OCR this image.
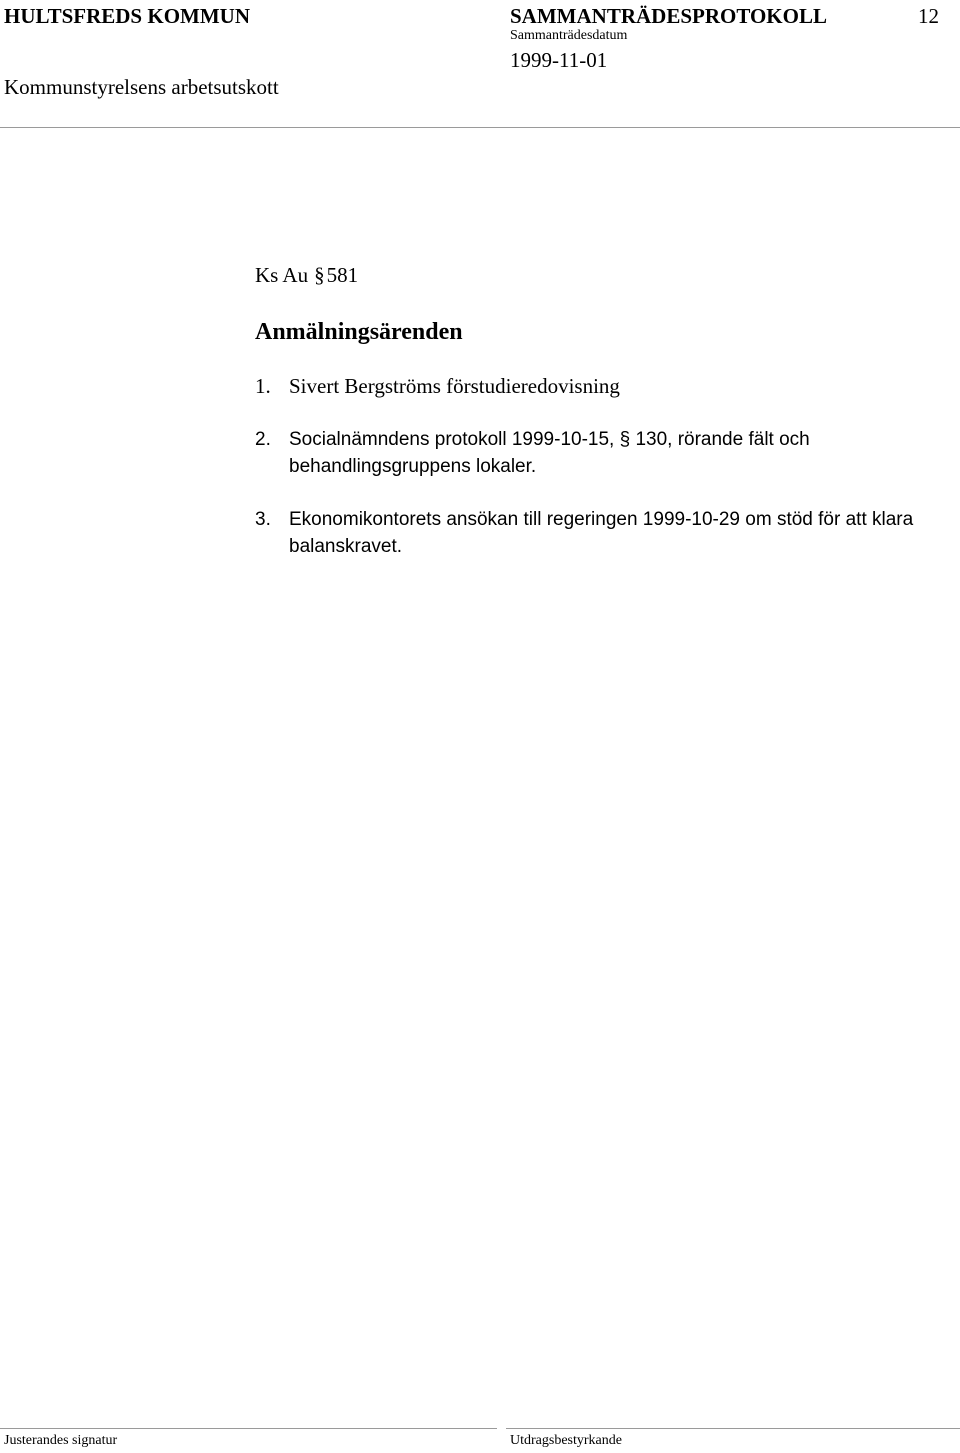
HULTSFREDS KOMMUN
Kommunstyrelsens arbetsutskott
SAMMANTRÄDESPROTOKOLL	12
Sammanträdesdatum
1999-11-01
Ks Au §581
Anmälningsärenden
1. Sivert Bergströms förstudieredovisning
2. Socialnämndens protokoll 1999-10-15, § 130, rörande fält och behandlingsgruppens lokaler.
3. Ekonomikontorets ansökan till regeringen 1999-10-29 om stöd för att klara balanskravet.
Justerandes signatur	Utdragsbestyrkande
